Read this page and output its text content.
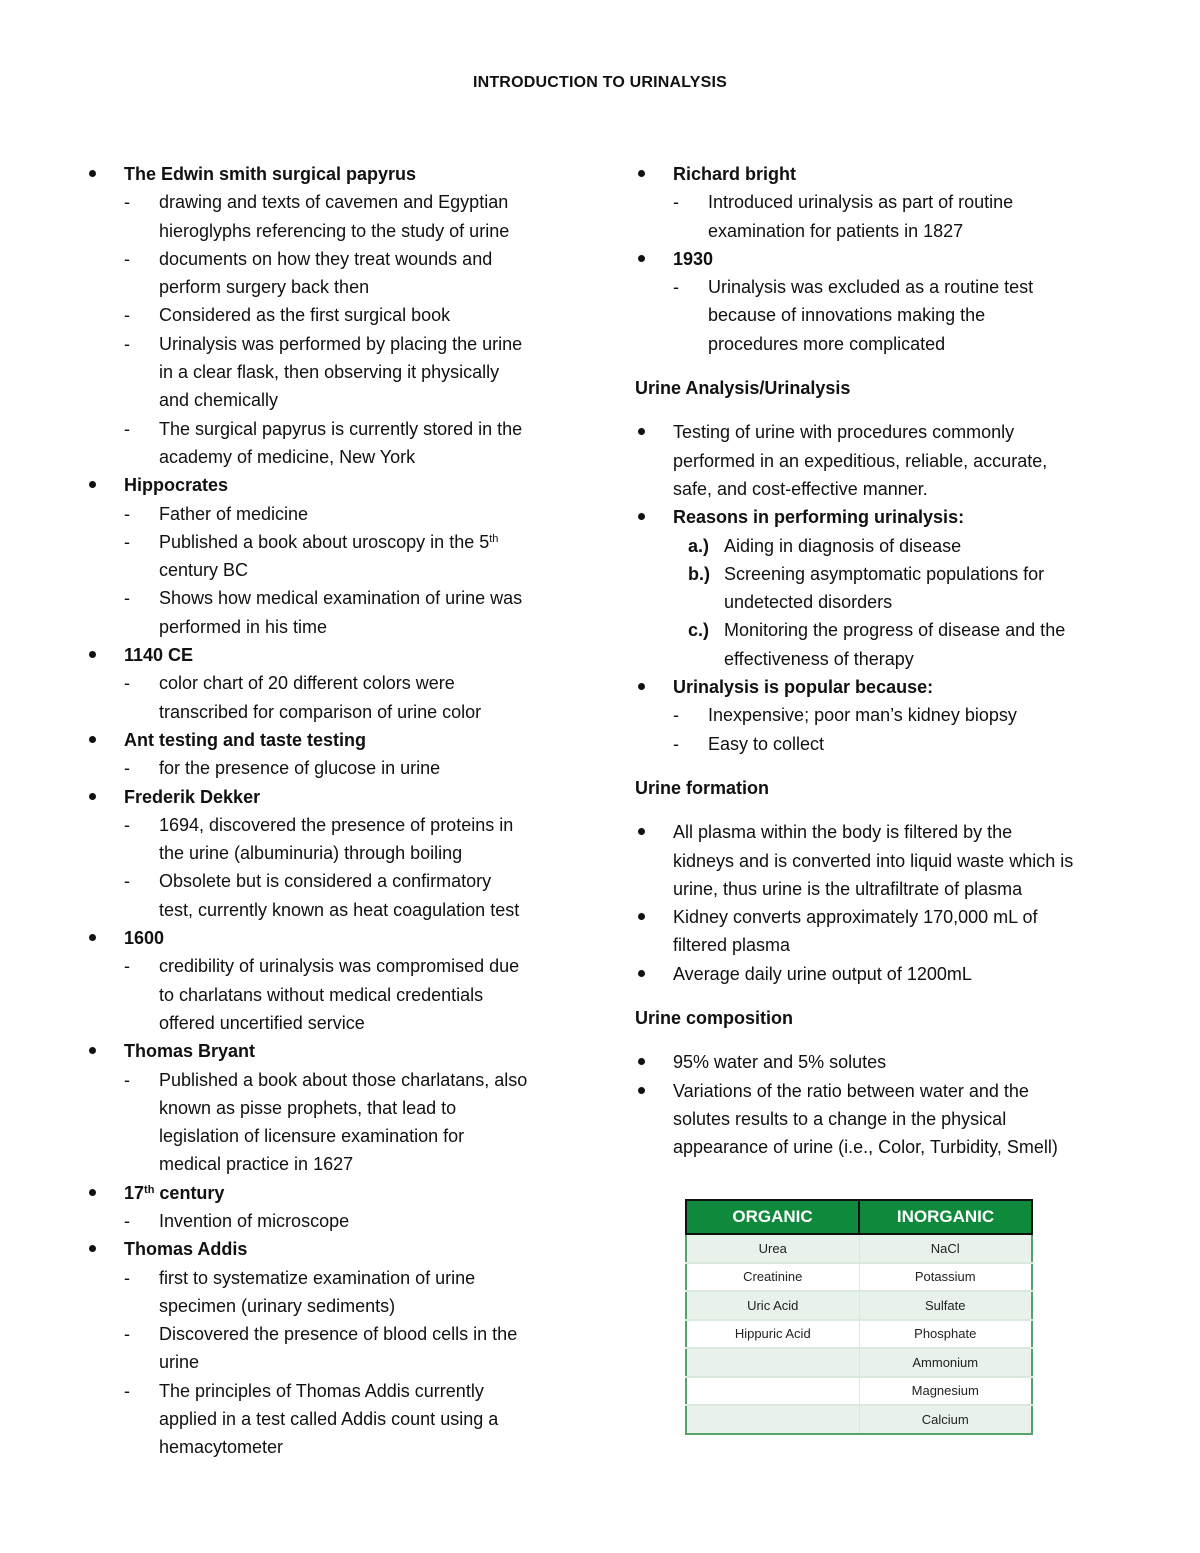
INTRODUCTION TO URINALYSIS
The Edwin smith surgical papyrus
- drawing and texts of cavemen and Egyptian
hieroglyphs referencing to the study of urine
- documents on how they treat wounds and
perform surgery back then
- Considered as the first surgical book
- Urinalysis was performed by placing the urine
in a clear flask, then observing it physically
and chemically
- The surgical papyrus is currently stored in the
academy of medicine, New York
Hippocrates
- Father of medicine
- Published a book about uroscopy in the 5th
century BC
- Shows how medical examination of urine was
performed in his time
1140 CE
- color chart of 20 different colors were
transcribed for comparison of urine color
Ant testing and taste testing
- for the presence of glucose in urine
Frederik Dekker
- 1694, discovered the presence of proteins in
the urine (albuminuria) through boiling
- Obsolete but is considered a confirmatory
test, currently known as heat coagulation test
1600
- credibility of urinalysis was compromised due
to charlatans without medical credentials
offered uncertified service
Thomas Bryant
- Published a book about those charlatans, also
known as pisse prophets, that lead to
legislation of licensure examination for
medical practice in 1627
17th century
- Invention of microscope
Thomas Addis
- first to systematize examination of urine
specimen (urinary sediments)
- Discovered the presence of blood cells in the
urine
- The principles of Thomas Addis currently
applied in a test called Addis count using a
hemacytometer
Richard bright
- Introduced urinalysis as part of routine
examination for patients in 1827
1930
- Urinalysis was excluded as a routine test
because of innovations making the
procedures more complicated
Urine Analysis/Urinalysis
Testing of urine with procedures commonly
performed in an expeditious, reliable, accurate,
safe, and cost-effective manner.
Reasons in performing urinalysis:
a.) Aiding in diagnosis of disease
b.) Screening asymptomatic populations for
undetected disorders
c.) Monitoring the progress of disease and the
effectiveness of therapy
Urinalysis is popular because:
- Inexpensive; poor man’s kidney biopsy
- Easy to collect
Urine formation
All plasma within the body is filtered by the
kidneys and is converted into liquid waste which is
urine, thus urine is the ultrafiltrate of plasma
Kidney converts approximately 170,000 mL of
filtered plasma
Average daily urine output of 1200mL
Urine composition
95% water and 5% solutes
Variations of the ratio between water and the
solutes results to a change in the physical
appearance of urine (i.e., Color, Turbidity, Smell)
ORGANIC	INORGANIC
Urea	NaCl
Creatinine	Potassium
Uric Acid	Sulfate
Hippuric Acid	Phosphate
	Ammonium
	Magnesium
	Calcium
